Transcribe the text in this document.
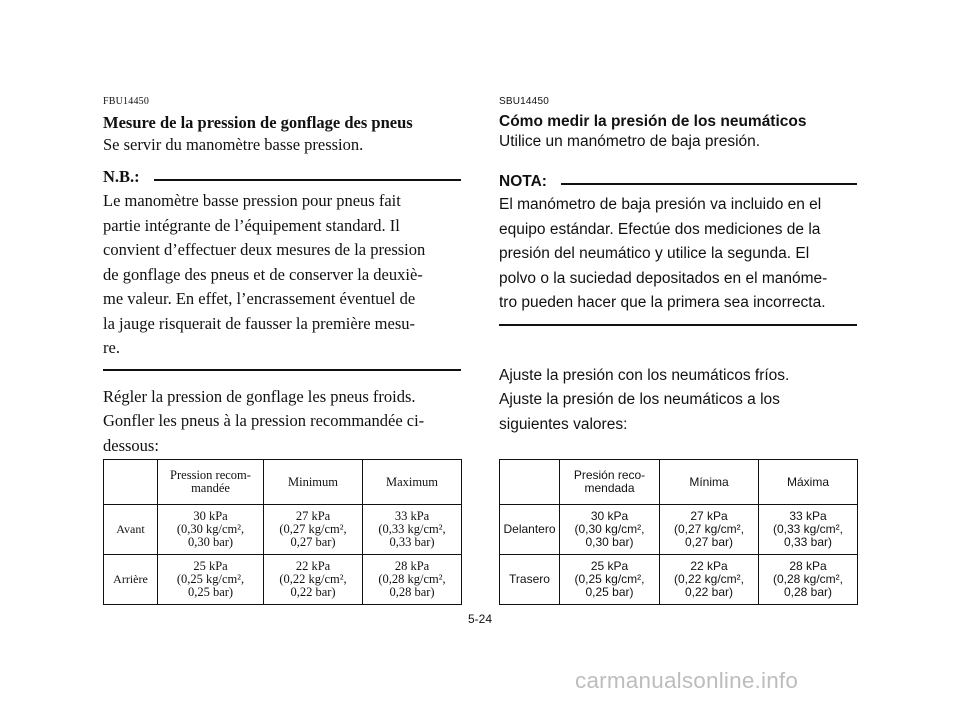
FBU14450
Mesure de la pression de gonflage des pneus
Se servir du manomètre basse pression.
N.B.:

Le manomètre basse pression pour pneus fait

partie intégrante de l’équipement standard. Il

convient d’effectuer deux mesures de la pression

de gonflage des pneus et de conserver la deuxiè-

me valeur. En effet, l’encrassement éventuel de

la jauge risquerait de fausser la première mesu-

re.

Régler la pression de gonflage les pneus froids.

Gonfler les pneus à la pression recommandée ci-

dessous:

	Pression recom-
mandée	Minimum	Maximum
Avant	30 kPa
(0,30 kg/cm²,
0,30 bar)	27 kPa
(0,27 kg/cm²,
0,27 bar)	33 kPa
(0,33 kg/cm²,
0,33 bar)

Arrière	25 kPa
(0,25 kg/cm²,
0,25 bar)	22 kPa
(0,22 kg/cm²,
0,22 bar)	28 kPa
(0,28 kg/cm²,
0,28 bar)
SBU14450
Cómo medir la presión de los neumáticos
Utilice un manómetro de baja presión.
NOTA:

El manómetro de baja presión va incluido en el

equipo estándar. Efectúe dos mediciones de la

presión del neumático y utilice la segunda. El

polvo o la suciedad depositados en el manóme-

tro pueden hacer que la primera sea incorrecta.

Ajuste la presión con los neumáticos fríos.

Ajuste la presión de los neumáticos a los

siguientes valores:

	Presión reco-
mendada	Mínima	Máxima
Delantero	30 kPa
(0,30 kg/cm²,
0,30 bar)	27 kPa
(0,27 kg/cm²,
0,27 bar)	33 kPa
(0,33 kg/cm²,
0,33 bar)

Trasero	25 kPa
(0,25 kg/cm²,
0,25 bar)	22 kPa
(0,22 kg/cm²,
0,22 bar)	28 kPa
(0,28 kg/cm²,
0,28 bar)
5-24
carmanualsonline.info
